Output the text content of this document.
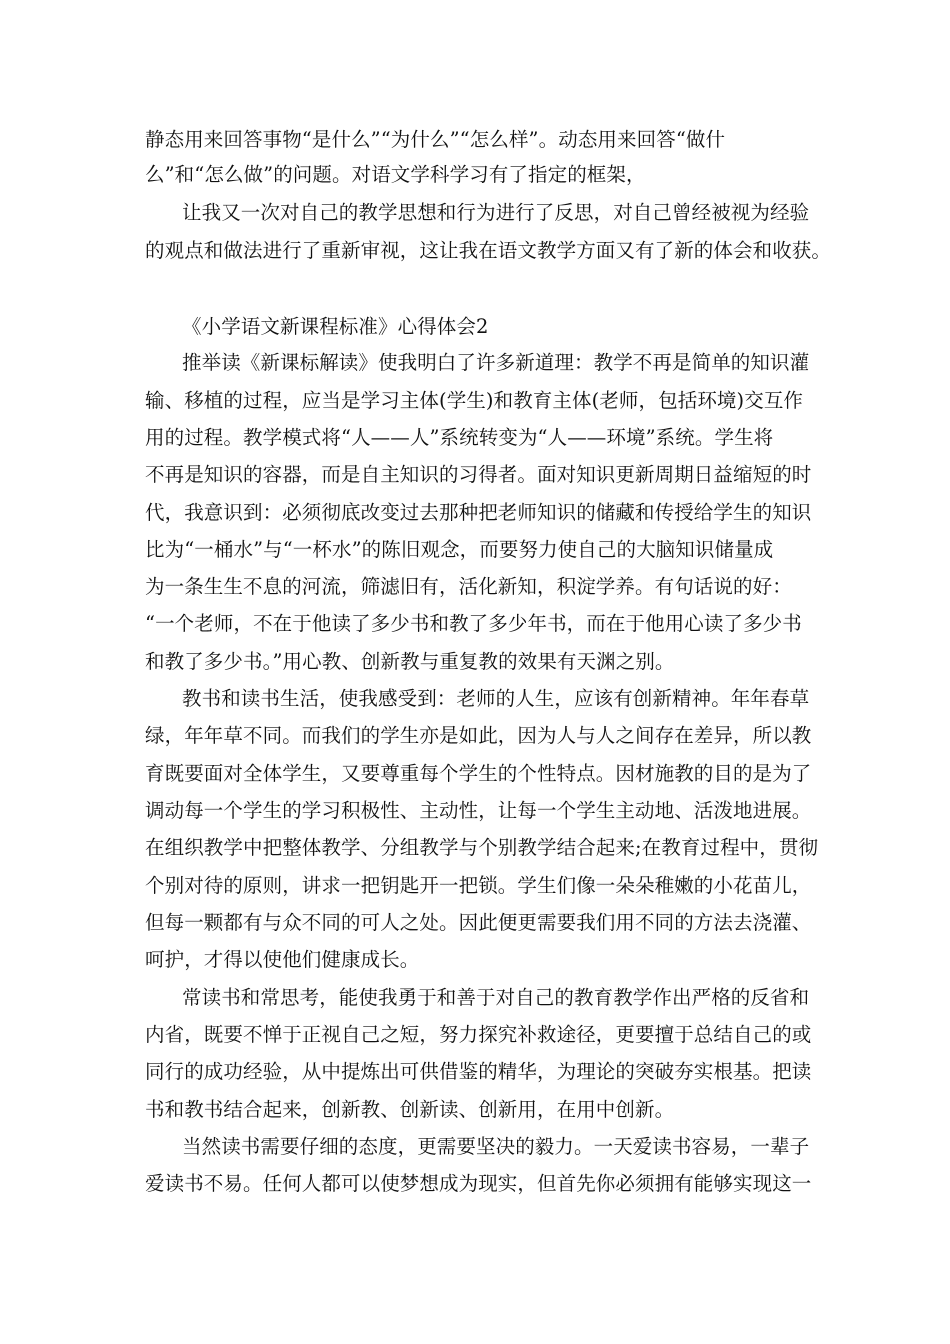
静态用来回答事物“是什么”“为什么”“怎么样”。动态用来回答“做什
么”和“怎么做”的问题。对语文学科学习有了指定的框架，
让我又一次对自己的教学思想和行为进行了反思，对自己曾经被视为经验
的观点和做法进行了重新审视，这让我在语文教学方面又有了新的体会和收获。
《小学语文新课程标准》心得体会2
推举读《新课标解读》使我明白了许多新道理：教学不再是简单的知识灌
输、移植的过程，应当是学习主体(学生)和教育主体(老师，包括环境)交互作
用的过程。教学模式将“人——人”系统转变为“人——环境”系统。学生将
不再是知识的容器，而是自主知识的习得者。面对知识更新周期日益缩短的时
代，我意识到：必须彻底改变过去那种把老师知识的储藏和传授给学生的知识
比为“一桶水”与“一杯水”的陈旧观念，而要努力使自己的大脑知识储量成
为一条生生不息的河流，筛滤旧有，活化新知，积淀学养。有句话说的好：
“一个老师，不在于他读了多少书和教了多少年书，而在于他用心读了多少书
和教了多少书。”用心教、创新教与重复教的效果有天渊之别。
教书和读书生活，使我感受到：老师的人生，应该有创新精神。年年春草
绿，年年草不同。而我们的学生亦是如此，因为人与人之间存在差异，所以教
育既要面对全体学生，又要尊重每个学生的个性特点。因材施教的目的是为了
调动每一个学生的学习积极性、主动性，让每一个学生主动地、活泼地进展。
在组织教学中把整体教学、分组教学与个别教学结合起来;在教育过程中，贯彻
个别对待的原则，讲求一把钥匙开一把锁。学生们像一朵朵稚嫩的小花苗儿，
但每一颗都有与众不同的可人之处。因此便更需要我们用不同的方法去浇灌、
呵护，才得以使他们健康成长。
常读书和常思考，能使我勇于和善于对自己的教育教学作出严格的反省和
内省，既要不惮于正视自己之短，努力探究补救途径，更要擅于总结自己的或
同行的成功经验，从中提炼出可供借鉴的精华，为理论的突破夯实根基。把读
书和教书结合起来，创新教、创新读、创新用，在用中创新。
当然读书需要仔细的态度，更需要坚决的毅力。一天爱读书容易，一辈子
爱读书不易。任何人都可以使梦想成为现实，但首先你必须拥有能够实现这一
